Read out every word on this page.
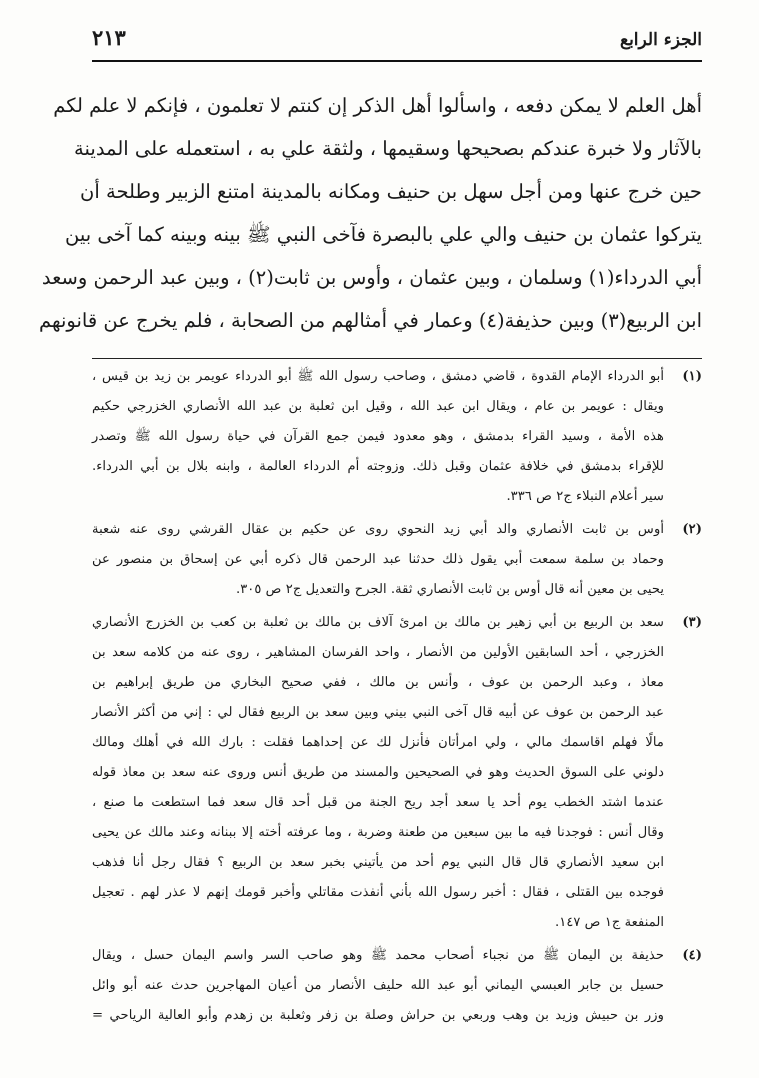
الجزء الرابع
٢١٣
أهل العلم لا يمكن دفعه ، واسألوا أهل الذكر إن كنتم لا تعلمون ، فإنكم لا علم لكم
بالآثار ولا خبرة عندكم بصحيحها وسقيمها ، ولثقة علي به ، استعمله على المدينة
حين خرج عنها ومن أجل سهل بن حنيف ومكانه بالمدينة امتنع الزبير وطلحة أن
يتركوا عثمان بن حنيف والي علي بالبصرة فآخى النبي ﷺ بينه وبينه كما آخى بين
أبي الدرداء(١) وسلمان ، وبين عثمان ، وأوس بن ثابت(٢) ، وبين عبد الرحمن وسعد
ابن الربيع(٣) وبين حذيفة(٤) وعمار في أمثالهم من الصحابة ، فلم يخرج عن قانونهم
(١)
أبو الدرداء الإمام القدوة ، قاضي دمشق ، وصاحب رسول الله ﷺ أبو الدرداء عويمر بن زيد بن قيس ،
ويقال : عويمر بن عام ، ويقال ابن عبد الله ، وقيل ابن ثعلبة بن عبد الله الأنصاري الخزرجي حكيم
هذه الأمة ، وسيد القراء بدمشق ، وهو معدود فيمن جمع القرآن في حياة رسول الله ﷺ وتصدر
للإقراء بدمشق في خلافة عثمان وقبل ذلك. وزوجته أم الدرداء العالمة ، وابنه بلال بن أبي الدرداء.
سير أعلام النبلاء ج٢ ص ٣٣٦.
(٢)
أوس بن ثابت الأنصاري والد أبي زيد النحوي روى عن حكيم بن عقال القرشي روى عنه شعبة
وحماد بن سلمة سمعت أبي يقول ذلك حدثنا عبد الرحمن قال ذكره أبي عن إسحاق بن منصور عن
يحيى بن معين أنه قال أوس بن ثابت الأنصاري ثقة. الجرح والتعديل ج٢ ص ٣٠٥.
(٣)
سعد بن الربيع بن أبي زهير بن مالك بن امرئ آلاف بن مالك بن ثعلبة بن كعب بن الخزرج الأنصاري
الخزرجي ، أحد السابقين الأولين من الأنصار ، واحد الفرسان المشاهير ، روى عنه من كلامه سعد بن
معاذ ، وعبد الرحمن بن عوف ، وأنس بن مالك ، ففي صحيح البخاري من طريق إبراهيم بن
عبد الرحمن بن عوف عن أبيه قال آخى النبي بيني وبين سعد بن الربيع فقال لي : إني من أكثر الأنصار
مالًا فهلم اقاسمك مالي ، ولي امرأتان فأنزل لك عن إحداهما فقلت : بارك الله في أهلك ومالك
دلوني على السوق الحديث وهو في الصحيحين والمسند من طريق أنس وروى عنه سعد بن معاذ قوله
عندما اشتد الخطب يوم أحد يا سعد أجد ريح الجنة من قبل أحد قال سعد فما استطعت ما صنع ،
وقال أنس : فوجدنا فيه ما بين سبعين من طعنة وضربة ، وما عرفته أخته إلا ببنانه وعند مالك عن يحيى
ابن سعيد الأنصاري قال قال النبي يوم أحد من يأتيني بخبر سعد بن الربيع ؟ فقال رجل أنا فذهب
فوجده بين القتلى ، فقال : أخبر رسول الله بأني أنفذت مقاتلي وأخبر قومك إنهم لا عذر لهم . تعجيل
المنفعة ج١ ص ١٤٧.
(٤)
حذيفة بن اليمان ﷺ من نجباء أصحاب محمد ﷺ وهو صاحب السر واسم اليمان حسل ، ويقال
حسيل بن جابر العبسي اليماني أبو عبد الله حليف الأنصار من أعيان المهاجرين حدث عنه أبو وائل
وزر بن حبيش وزيد بن وهب وربعي بن حراش وصلة بن زفر وثعلبة بن زهدم وأبو العالية الرياحي =
